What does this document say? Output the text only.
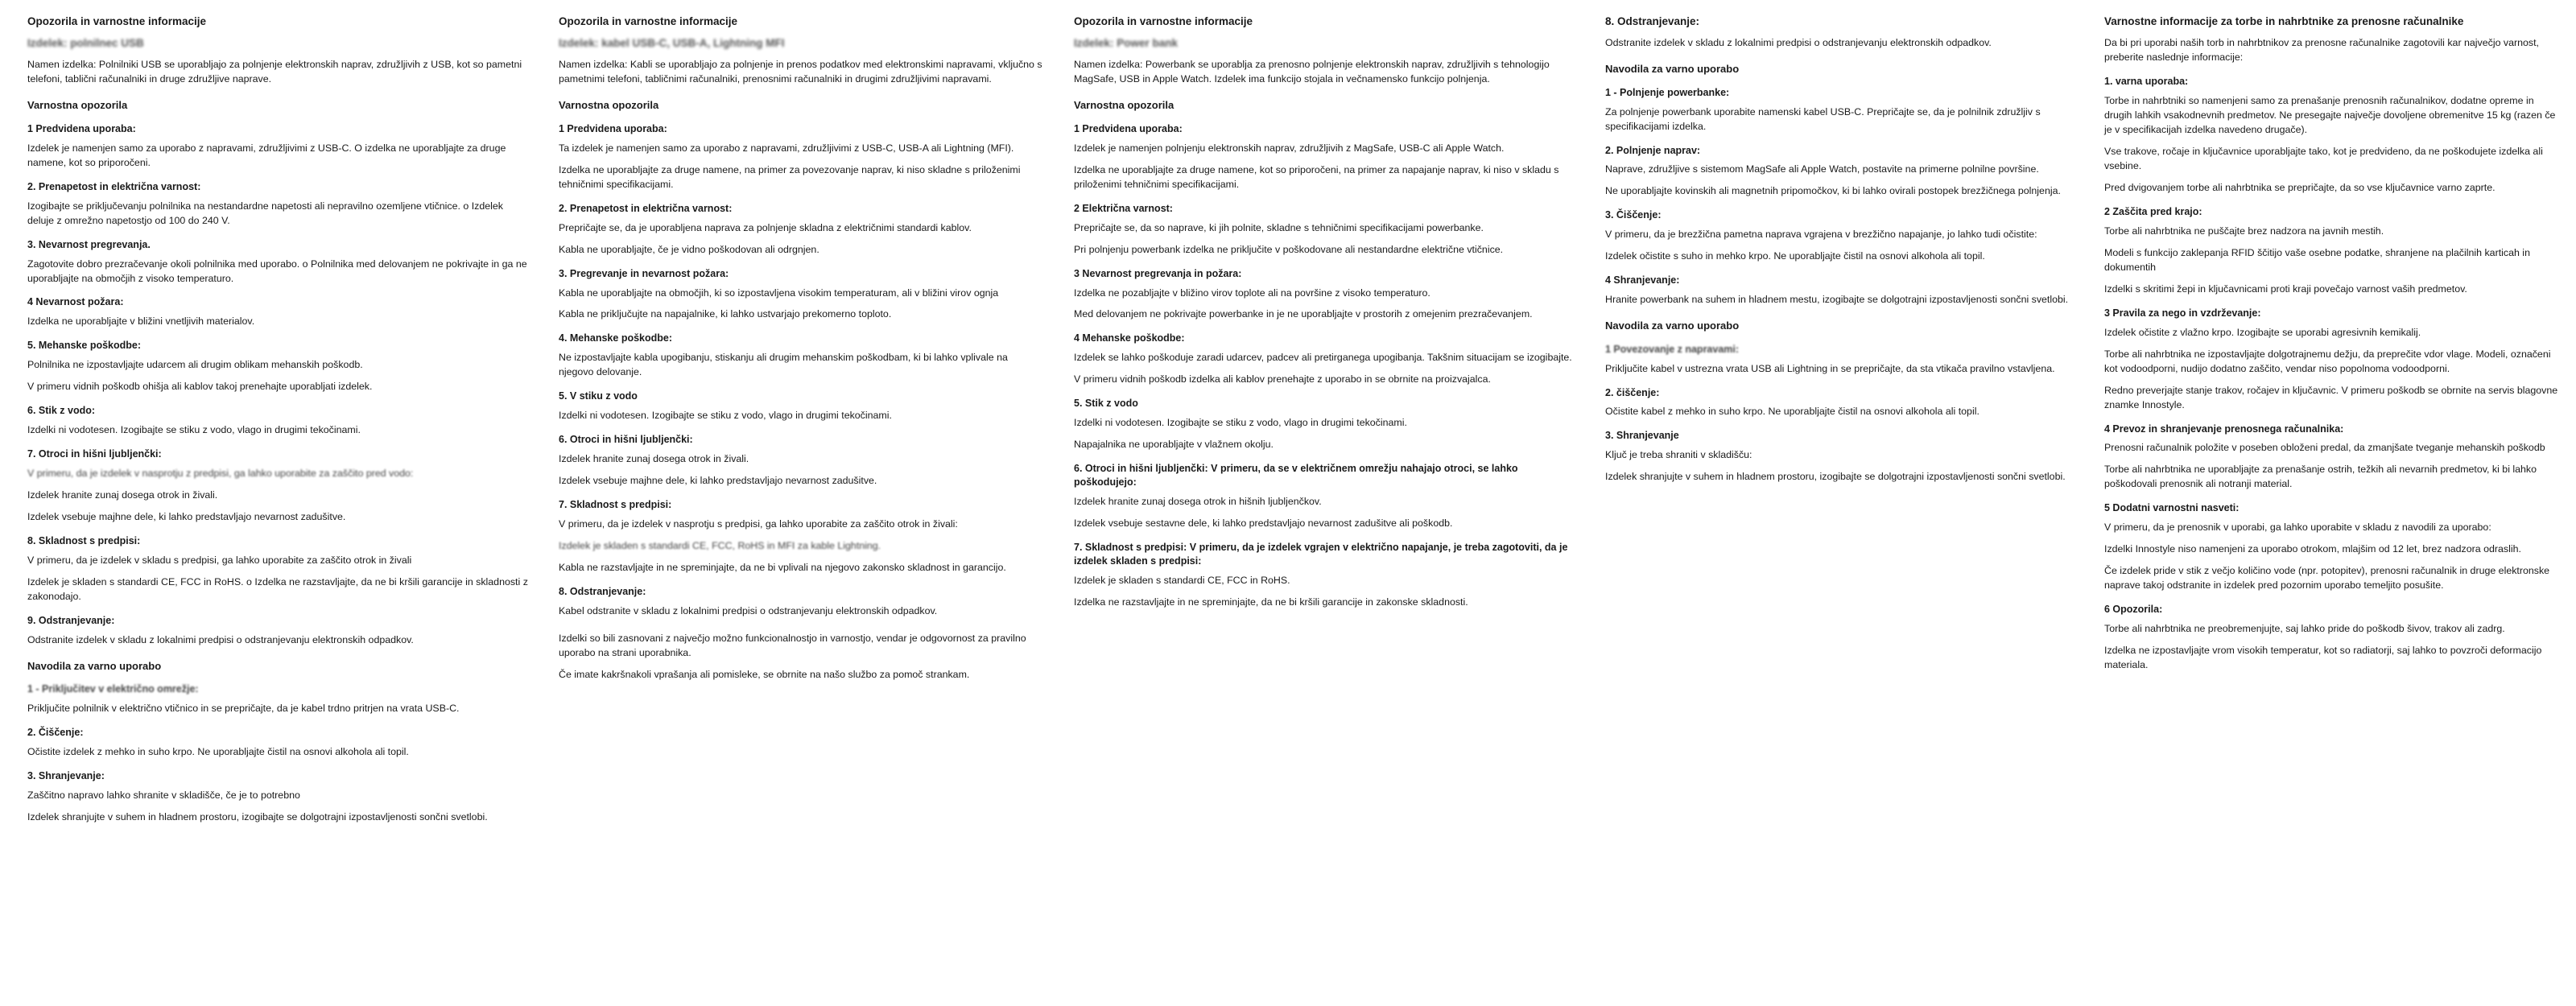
Opozorila in varnostne informacije
Izdelek: polnilnec USB

Namen izdelka: Polnilniki USB se uporabljajo za polnjenje elektronskih naprav, združljivih z USB, kot so pametni telefoni, tablični računalniki in druge združljive naprave.

Varnostna opozorila
1 Predvidena uporaba:

Izdelek je namenjen samo za uporabo z napravami, združljivimi z USB-C. O izdelka ne uporabljajte za druge namene, kot so priporočeni.

2. Prenapetost in električna varnost:

Izogibajte se priključevanju polnilnika na nestandardne napetosti ali nepravilno ozemljene vtičnice. o Izdelek deluje z omrežno napetostjo od 100 do 240 V.

3. Nevarnost pregrevanja.

Zagotovite dobro prezračevanje okoli polnilnika med uporabo. o Polnilnika med delovanjem ne pokrivajte in ga ne uporabljajte na območjih z visoko temperaturo.

4 Nevarnost požara:

Izdelka ne uporabljajte v bližini vnetljivih materialov.

5. Mehanske poškodbe:

Polnilnika ne izpostavljajte udarcem ali drugim oblikam mehanskih poškodb.

V primeru vidnih poškodb ohišja ali kablov takoj prenehajte uporabljati izdelek.

6. Stik z vodo:

Izdelki ni vodotesen. Izogibajte se stiku z vodo, vlago in drugimi tekočinami.

7. Otroci in hišni ljubljenčki:

V primeru, da je izdelek v nasprotju z predpisi, ga lahko uporabite za zaščito pred vodo:

Izdelek hranite zunaj dosega otrok in živali.

Izdelek vsebuje majhne dele, ki lahko predstavljajo nevarnost zadušitve.

8. Skladnost s predpisi:

V primeru, da je izdelek v skladu s predpisi, ga lahko uporabite za zaščito otrok in živali

Izdelek je skladen s standardi CE, FCC in RoHS. o Izdelka ne razstavljajte, da ne bi kršili garancije in skladnosti z zakonodajo.

9. Odstranjevanje:

Odstranite izdelek v skladu z lokalnimi predpisi o odstranjevanju elektronskih odpadkov.

Navodila za varno uporabo
1 - Priključitev v električno omrežje:

Priključite polnilnik v električno vtičnico in se prepričajte, da je kabel trdno pritrjen na vrata USB-C.

2. Čiščenje:

Očistite izdelek z mehko in suho krpo. Ne uporabljajte čistil na osnovi alkohola ali topil.

3. Shranjevanje:

Zaščitno napravo lahko shranite v skladišče, če je to potrebno

Izdelek shranjujte v suhem in hladnem prostoru, izogibajte se dolgotrajni izpostavljenosti sončni svetlobi.

Opozorila in varnostne informacije
Izdelek: kabel USB-C, USB-A, Lightning MFI

Namen izdelka: Kabli se uporabljajo za polnjenje in prenos podatkov med elektronskimi napravami, vključno s pametnimi telefoni, tabličnimi računalniki, prenosnimi računalniki in drugimi združljivimi napravami.

Varnostna opozorila
1 Predvidena uporaba:

Ta izdelek je namenjen samo za uporabo z napravami, združljivimi z USB-C, USB-A ali Lightning (MFI).

Izdelka ne uporabljajte za druge namene, na primer za povezovanje naprav, ki niso skladne s priloženimi tehničnimi specifikacijami.

2. Prenapetost in električna varnost:

Prepričajte se, da je uporabljena naprava za polnjenje skladna z električnimi standardi kablov.

Kabla ne uporabljajte, če je vidno poškodovan ali odrgnjen.

3. Pregrevanje in nevarnost požara:

Kabla ne uporabljajte na območjih, ki so izpostavljena visokim temperaturam, ali v bližini virov ognja

Kabla ne priključujte na napajalnike, ki lahko ustvarjajo prekomerno toploto.

4. Mehanske poškodbe:

Ne izpostavljajte kabla upogibanju, stiskanju ali drugim mehanskim poškodbam, ki bi lahko vplivale na njegovo delovanje.

5. V stiku z vodo

Izdelki ni vodotesen. Izogibajte se stiku z vodo, vlago in drugimi tekočinami.

6. Otroci in hišni ljubljenčki:

Izdelek hranite zunaj dosega otrok in živali.

Izdelek vsebuje majhne dele, ki lahko predstavljajo nevarnost zadušitve.

7. Skladnost s predpisi:

V primeru, da je izdelek v nasprotju s predpisi, ga lahko uporabite za zaščito otrok in živali:

Izdelek je skladen s standardi CE, FCC, RoHS in MFI za kable Lightning.

Kabla ne razstavljajte in ne spreminjajte, da ne bi vplivali na njegovo zakonsko skladnost in garancijo.

8. Odstranjevanje:

Kabel odstranite v skladu z lokalnimi predpisi o odstranjevanju elektronskih odpadkov.

Izdelki so bili zasnovani z največjo možno funkcionalnostjo in varnostjo, vendar je odgovornost za pravilno uporabo na strani uporabnika.

Če imate kakršnakoli vprašanja ali pomisleke, se obrnite na našo službo za pomoč strankam.

Opozorila in varnostne informacije
Izdelek: Power bank

Namen izdelka: Powerbank se uporablja za prenosno polnjenje elektronskih naprav, združljivih s tehnologijo MagSafe, USB in Apple Watch. Izdelek ima funkcijo stojala in večnamensko funkcijo polnjenja.

Varnostna opozorila
1 Predvidena uporaba:

Izdelek je namenjen polnjenju elektronskih naprav, združljivih z MagSafe, USB-C ali Apple Watch.

Izdelka ne uporabljajte za druge namene, kot so priporočeni, na primer za napajanje naprav, ki niso v skladu s priloženimi tehničnimi specifikacijami.

2 Električna varnost:

Prepričajte se, da so naprave, ki jih polnite, skladne s tehničnimi specifikacijami powerbanke.

Pri polnjenju powerbank izdelka ne priključite v poškodovane ali nestandardne električne vtičnice.

3 Nevarnost pregrevanja in požara:

Izdelka ne pozabljajte v bližino virov toplote ali na površine z visoko temperaturo.

Med delovanjem ne pokrivajte powerbanke in je ne uporabljajte v prostorih z omejenim prezračevanjem.

4 Mehanske poškodbe:

Izdelek se lahko poškoduje zaradi udarcev, padcev ali pretirganega upogibanja. Takšnim situacijam se izogibajte.

V primeru vidnih poškodb izdelka ali kablov prenehajte z uporabo in se obrnite na proizvajalca.

5. Stik z vodo

Izdelki ni vodotesen. Izogibajte se stiku z vodo, vlago in drugimi tekočinami.

Napajalnika ne uporabljajte v vlažnem okolju.

6. Otroci in hišni ljubljenčki: V primeru, da se v električnem omrežju nahajajo otroci, se lahko poškodujejo:

Izdelek hranite zunaj dosega otrok in hišnih ljubljenčkov.

Izdelek vsebuje sestavne dele, ki lahko predstavljajo nevarnost zadušitve ali poškodb.

7. Skladnost s predpisi: V primeru, da je izdelek vgrajen v električno napajanje, je treba zagotoviti, da je izdelek skladen s predpisi:

Izdelek je skladen s standardi CE, FCC in RoHS.

Izdelka ne razstavljajte in ne spreminjajte, da ne bi kršili garancije in zakonske skladnosti.

8. Odstranjevanje:

Odstranite izdelek v skladu z lokalnimi predpisi o odstranjevanju elektronskih odpadkov.

Navodila za varno uporabo
1 - Polnjenje powerbanke:

Za polnjenje powerbank uporabite namenski kabel USB-C. Prepričajte se, da je polnilnik združljiv s specifikacijami izdelka.

2. Polnjenje naprav:

Naprave, združljive s sistemom MagSafe ali Apple Watch, postavite na primerne polnilne površine.

Ne uporabljajte kovinskih ali magnetnih pripomočkov, ki bi lahko ovirali postopek brezžičnega polnjenja.

3. Čiščenje:

V primeru, da je brezžična pametna naprava vgrajena v brezžično napajanje, jo lahko tudi očistite:

Izdelek očistite s suho in mehko krpo. Ne uporabljajte čistil na osnovi alkohola ali topil.

4 Shranjevanje:

Hranite powerbank na suhem in hladnem mestu, izogibajte se dolgotrajni izpostavljenosti sončni svetlobi.

Navodila za varno uporabo
1 Povezovanje z napravami:

Priključite kabel v ustrezna vrata USB ali Lightning in se prepričajte, da sta vtikača pravilno vstavljena.

2. čiščenje:

Očistite kabel z mehko in suho krpo. Ne uporabljajte čistil na osnovi alkohola ali topil.

3. Shranjevanje

Ključ je treba shraniti v skladišču:

Izdelek shranjujte v suhem in hladnem prostoru, izogibajte se dolgotrajni izpostavljenosti sončni svetlobi.

Varnostne informacije za torbe in nahrbtnike za prenosne računalnike

Da bi pri uporabi naših torb in nahrbtnikov za prenosne računalnike zagotovili kar največjo varnost, preberite naslednje informacije:

1. varna uporaba:

Torbe in nahrbtniki so namenjeni samo za prenašanje prenosnih računalnikov, dodatne opreme in drugih lahkih vsakodnevnih predmetov. Ne presegajte največje dovoljene obremenitve 15 kg (razen če je v specifikacijah izdelka navedeno drugače).

Vse trakove, ročaje in ključavnice uporabljajte tako, kot je predvideno, da ne poškodujete izdelka ali vsebine.

Pred dvigovanjem torbe ali nahrbtnika se prepričajte, da so vse ključavnice varno zaprte.

2 Zaščita pred krajo:

Torbe ali nahrbtnika ne puščajte brez nadzora na javnih mestih.

Modeli s funkcijo zaklepanja RFID ščitijo vaše osebne podatke, shranjene na plačilnih karticah in dokumentih

Izdelki s skritimi žepi in ključavnicami proti kraji povečajo varnost vaših predmetov.

3 Pravila za nego in vzdrževanje:

Izdelek očistite z vlažno krpo. Izogibajte se uporabi agresivnih kemikalij.

Torbe ali nahrbtnika ne izpostavljajte dolgotrajnemu dežju, da preprečite vdor vlage. Modeli, označeni kot vodoodporni, nudijo dodatno zaščito, vendar niso popolnoma vodoodporni.

Redno preverjajte stanje trakov, ročajev in ključavnic. V primeru poškodb se obrnite na servis blagovne znamke Innostyle.

4 Prevoz in shranjevanje prenosnega računalnika:

Prenosni računalnik položite v poseben obloženi predal, da zmanjšate tveganje mehanskih poškodb

Torbe ali nahrbtnika ne uporabljajte za prenašanje ostrih, težkih ali nevarnih predmetov, ki bi lahko poškodovali prenosnik ali notranji material.

5 Dodatni varnostni nasveti:

V primeru, da je prenosnik v uporabi, ga lahko uporabite v skladu z navodili za uporabo:

Izdelki Innostyle niso namenjeni za uporabo otrokom, mlajšim od 12 let, brez nadzora odraslih.

Če izdelek pride v stik z večjo količino vode (npr. potopitev), prenosni računalnik in druge elektronske naprave takoj odstranite in izdelek pred pozornim uporabo temeljito posušite.

6 Opozorila:

Torbe ali nahrbtnika ne preobremenjujte, saj lahko pride do poškodb šivov, trakov ali zadrg.

Izdelka ne izpostavljajte vrom visokih temperatur, kot so radiatorji, saj lahko to povzroči deformacijo materiala.
